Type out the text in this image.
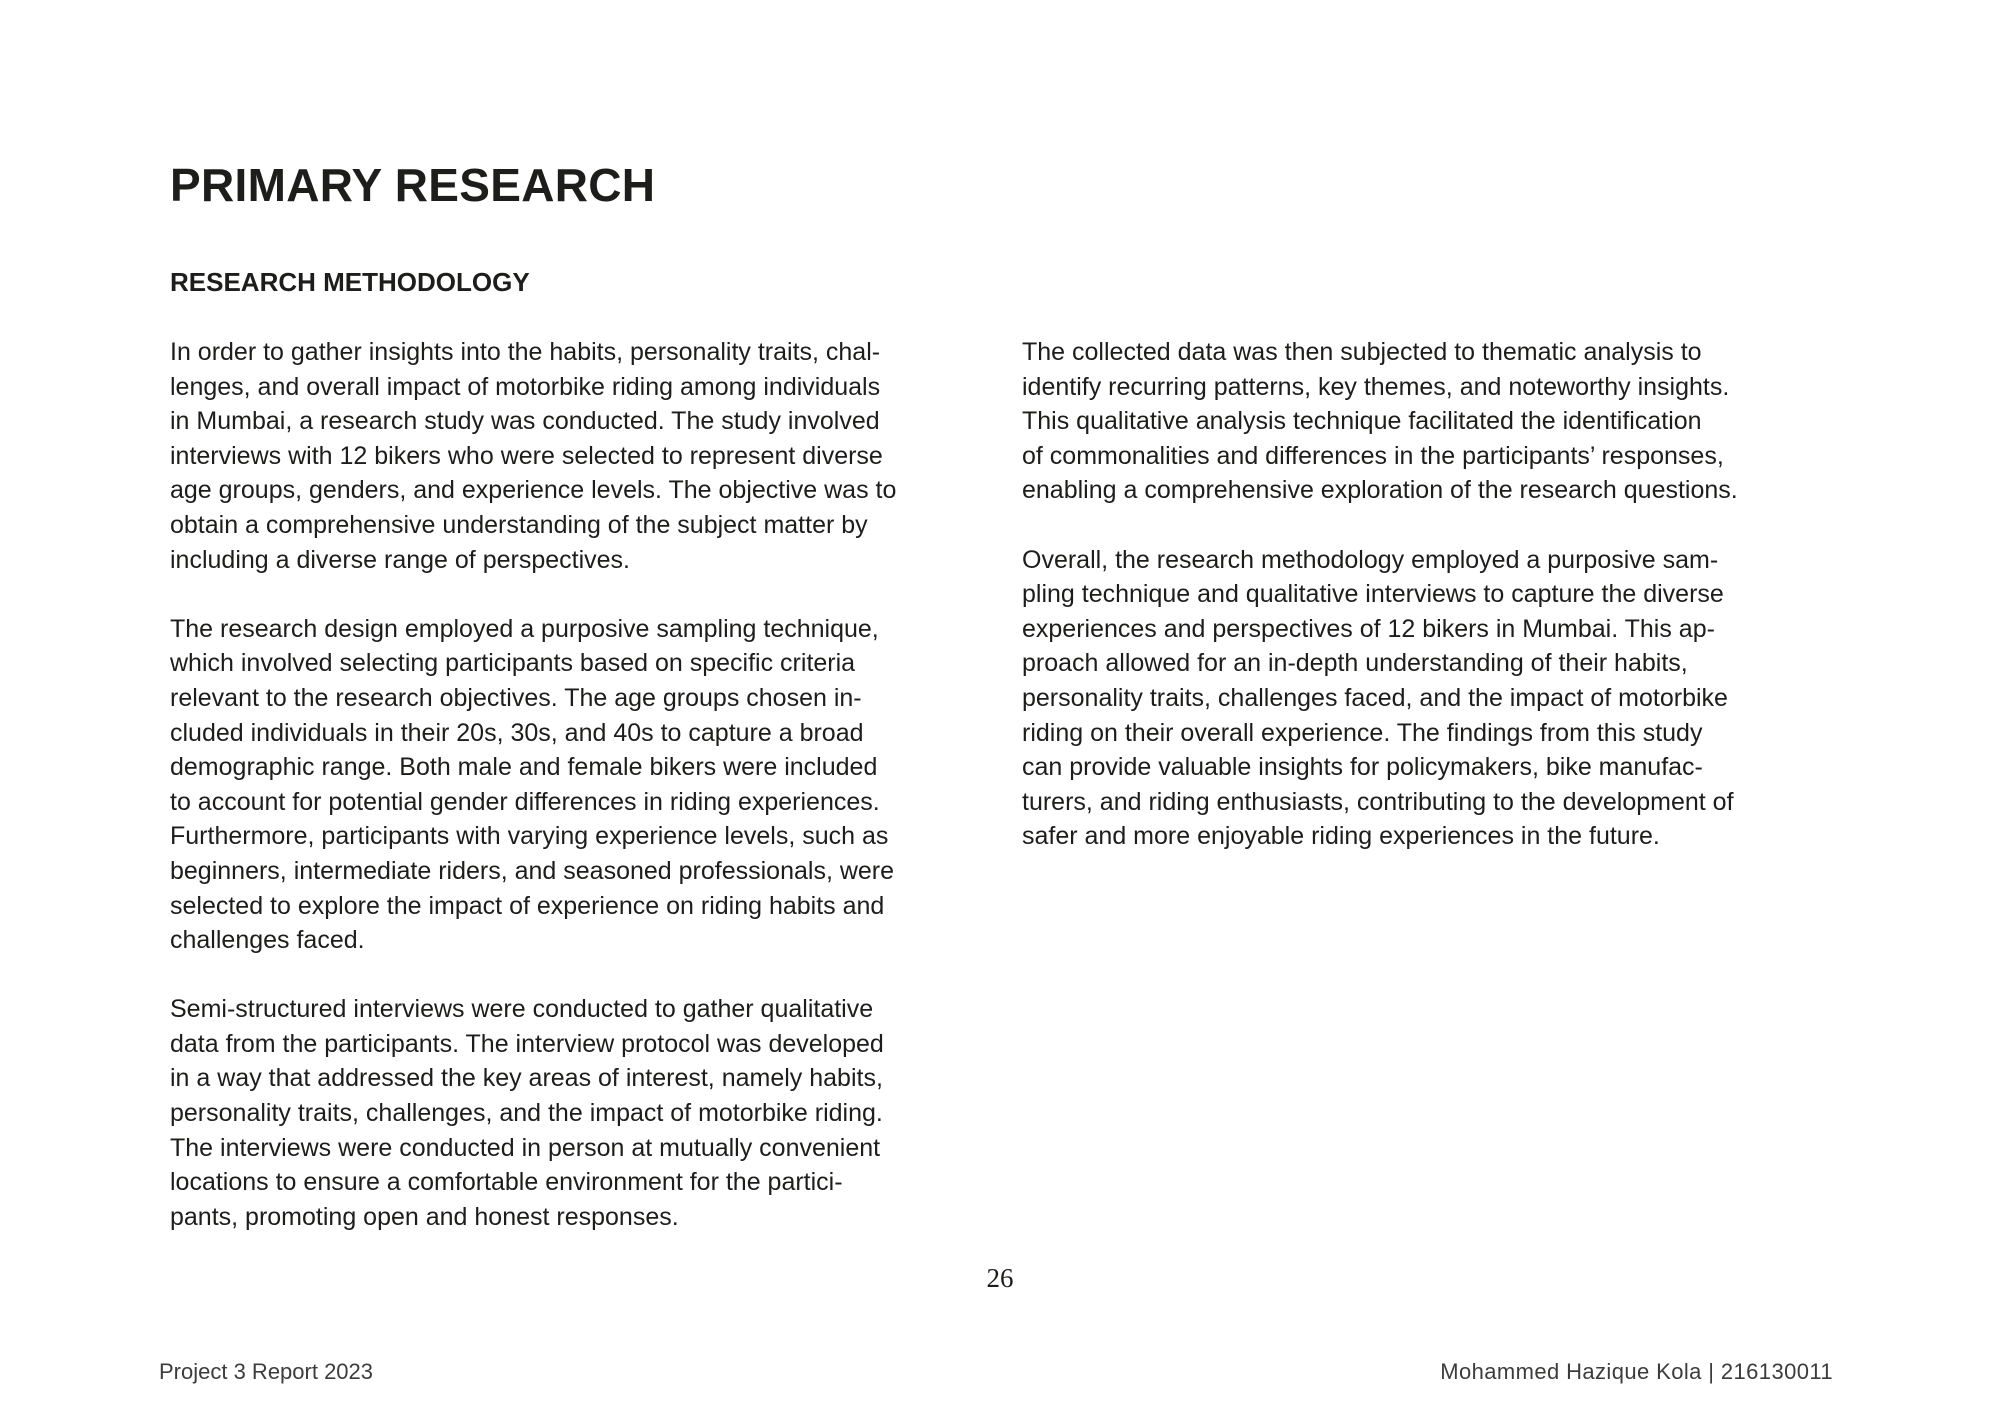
PRIMARY RESEARCH
RESEARCH METHODOLOGY

In order to gather insights into the habits, personality traits, chal-
lenges, and overall impact of motorbike riding among individuals
in Mumbai, a research study was conducted. The study involved
interviews with 12 bikers who were selected to represent diverse
age groups, genders, and experience levels. The objective was to
obtain a comprehensive understanding of the subject matter by
including a diverse range of perspectives.

The research design employed a purposive sampling technique,
which involved selecting participants based on specific criteria
relevant to the research objectives. The age groups chosen in-
cluded individuals in their 20s, 30s, and 40s to capture a broad
demographic range. Both male and female bikers were included
to account for potential gender differences in riding experiences.
Furthermore, participants with varying experience levels, such as
beginners, intermediate riders, and seasoned professionals, were
selected to explore the impact of experience on riding habits and
challenges faced.

Semi-structured interviews were conducted to gather qualitative
data from the participants. The interview protocol was developed
in a way that addressed the key areas of interest, namely habits,
personality traits, challenges, and the impact of motorbike riding.
The interviews were conducted in person at mutually convenient
locations to ensure a comfortable environment for the partici-
pants, promoting open and honest responses.

The collected data was then subjected to thematic analysis to
identify recurring patterns, key themes, and noteworthy insights.
This qualitative analysis technique facilitated the identification
of commonalities and differences in the participants’ responses,
enabling a comprehensive exploration of the research questions.

Overall, the research methodology employed a purposive sam-
pling technique and qualitative interviews to capture the diverse
experiences and perspectives of 12 bikers in Mumbai. This ap-
proach allowed for an in-depth understanding of their habits,
personality traits, challenges faced, and the impact of motorbike
riding on their overall experience. The findings from this study
can provide valuable insights for policymakers, bike manufac-
turers, and riding enthusiasts, contributing to the development of
safer and more enjoyable riding experiences in the future.

26
Project 3 Report 2023	Mohammed Hazique Kola | 216130011
